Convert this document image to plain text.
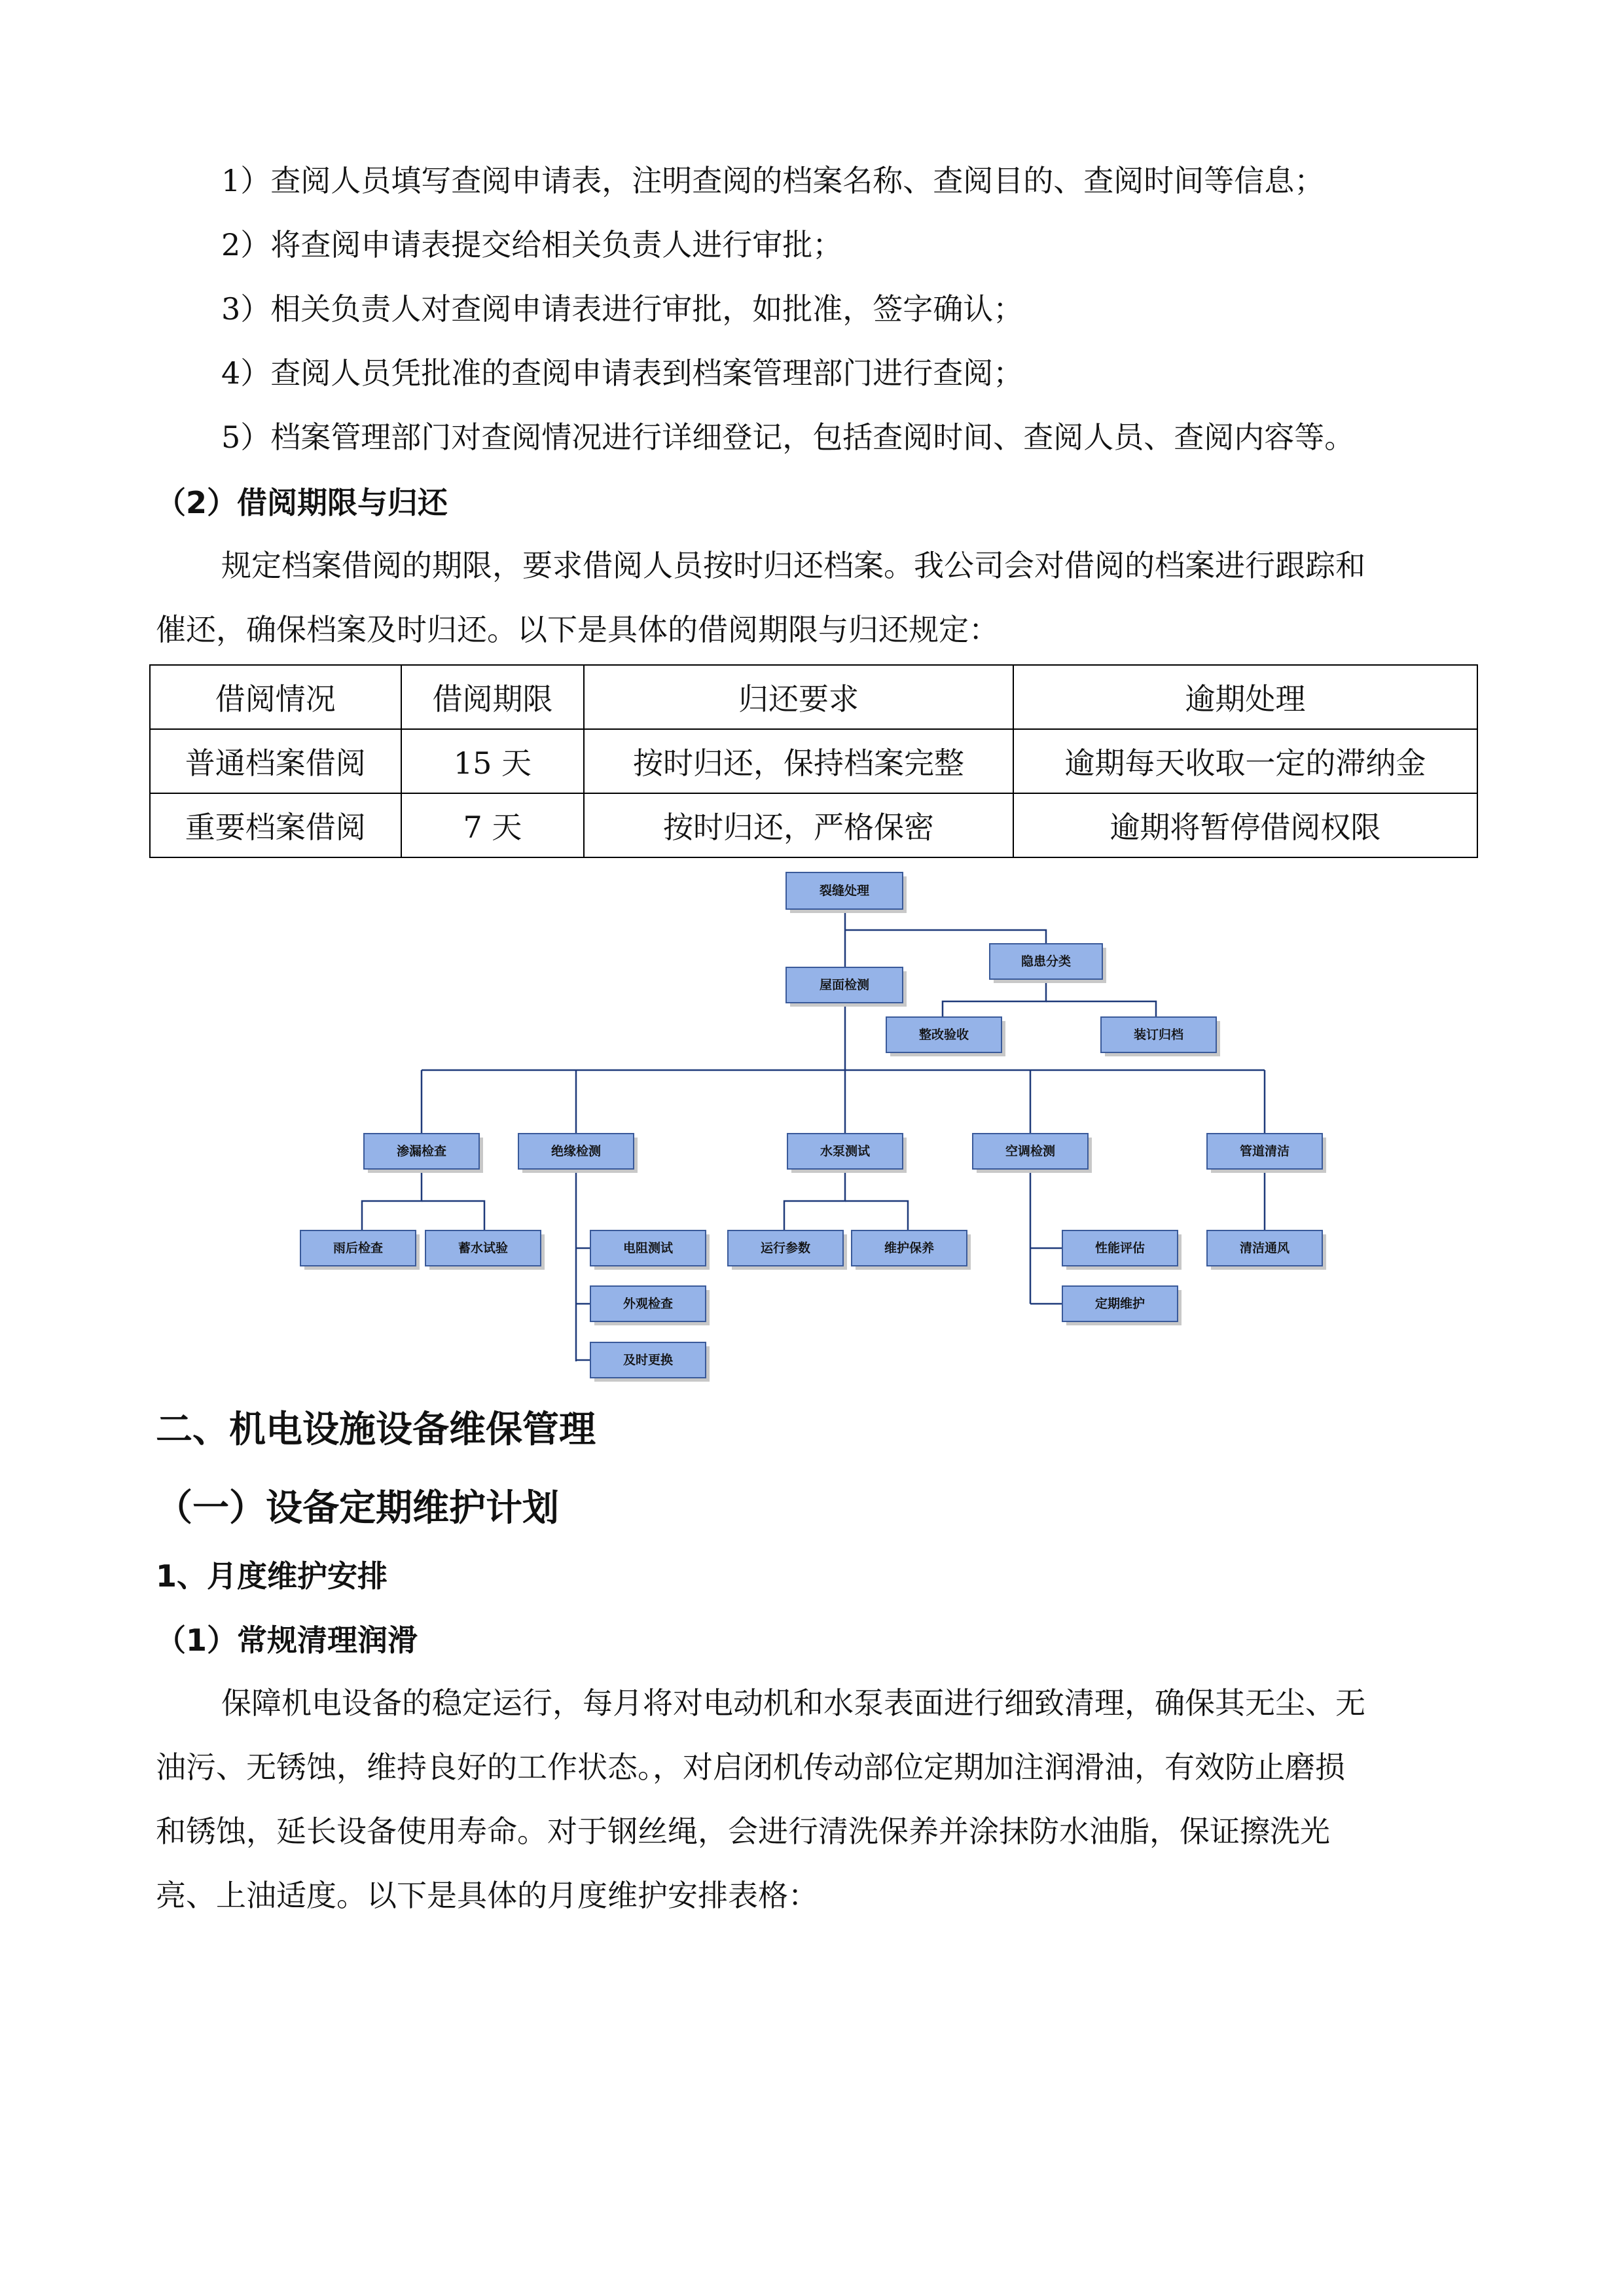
1）查阅人员填写查阅申请表，注明查阅的档案名称、查阅目的、查阅时间等信息；
2）将查阅申请表提交给相关负责人进行审批；
3）相关负责人对查阅申请表进行审批，如批准，签字确认；
4）查阅人员凭批准的查阅申请表到档案管理部门进行查阅；
5）档案管理部门对查阅情况进行详细登记，包括查阅时间、查阅人员、查阅内容等。
（2）借阅期限与归还
规定档案借阅的期限，要求借阅人员按时归还档案。我公司会对借阅的档案进行跟踪和
催还，确保档案及时归还。以下是具体的借阅期限与归还规定：
借阅情况	借阅期限	归还要求	逾期处理
普通档案借阅	15 天	按时归还，保持档案完整	逾期每天收取一定的滞纳金
重要档案借阅	7 天	按时归还，严格保密	逾期将暂停借阅权限
裂缝处理
隐患分类
屋面检测
整改验收	装订归档
渗漏检查	绝缘检测	水泵测试	空调检测	管道清洁
雨后检查	蓄水试验	电阻测试
外观检查
及时更换
运行参数	维护保养	性能评估
定期维护
清洁通风
二、机电设施设备维保管理
（一）设备定期维护计划
1、月度维护安排
（1）常规清理润滑
保障机电设备的稳定运行，每月将对电动机和水泵表面进行细致清理，确保其无尘、无
油污、无锈蚀，维持良好的工作状态。，对启闭机传动部位定期加注润滑油，有效防止磨损
和锈蚀，延长设备使用寿命。对于钢丝绳，会进行清洗保养并涂抹防水油脂，保证擦洗光
亮、上油适度。以下是具体的月度维护安排表格：
